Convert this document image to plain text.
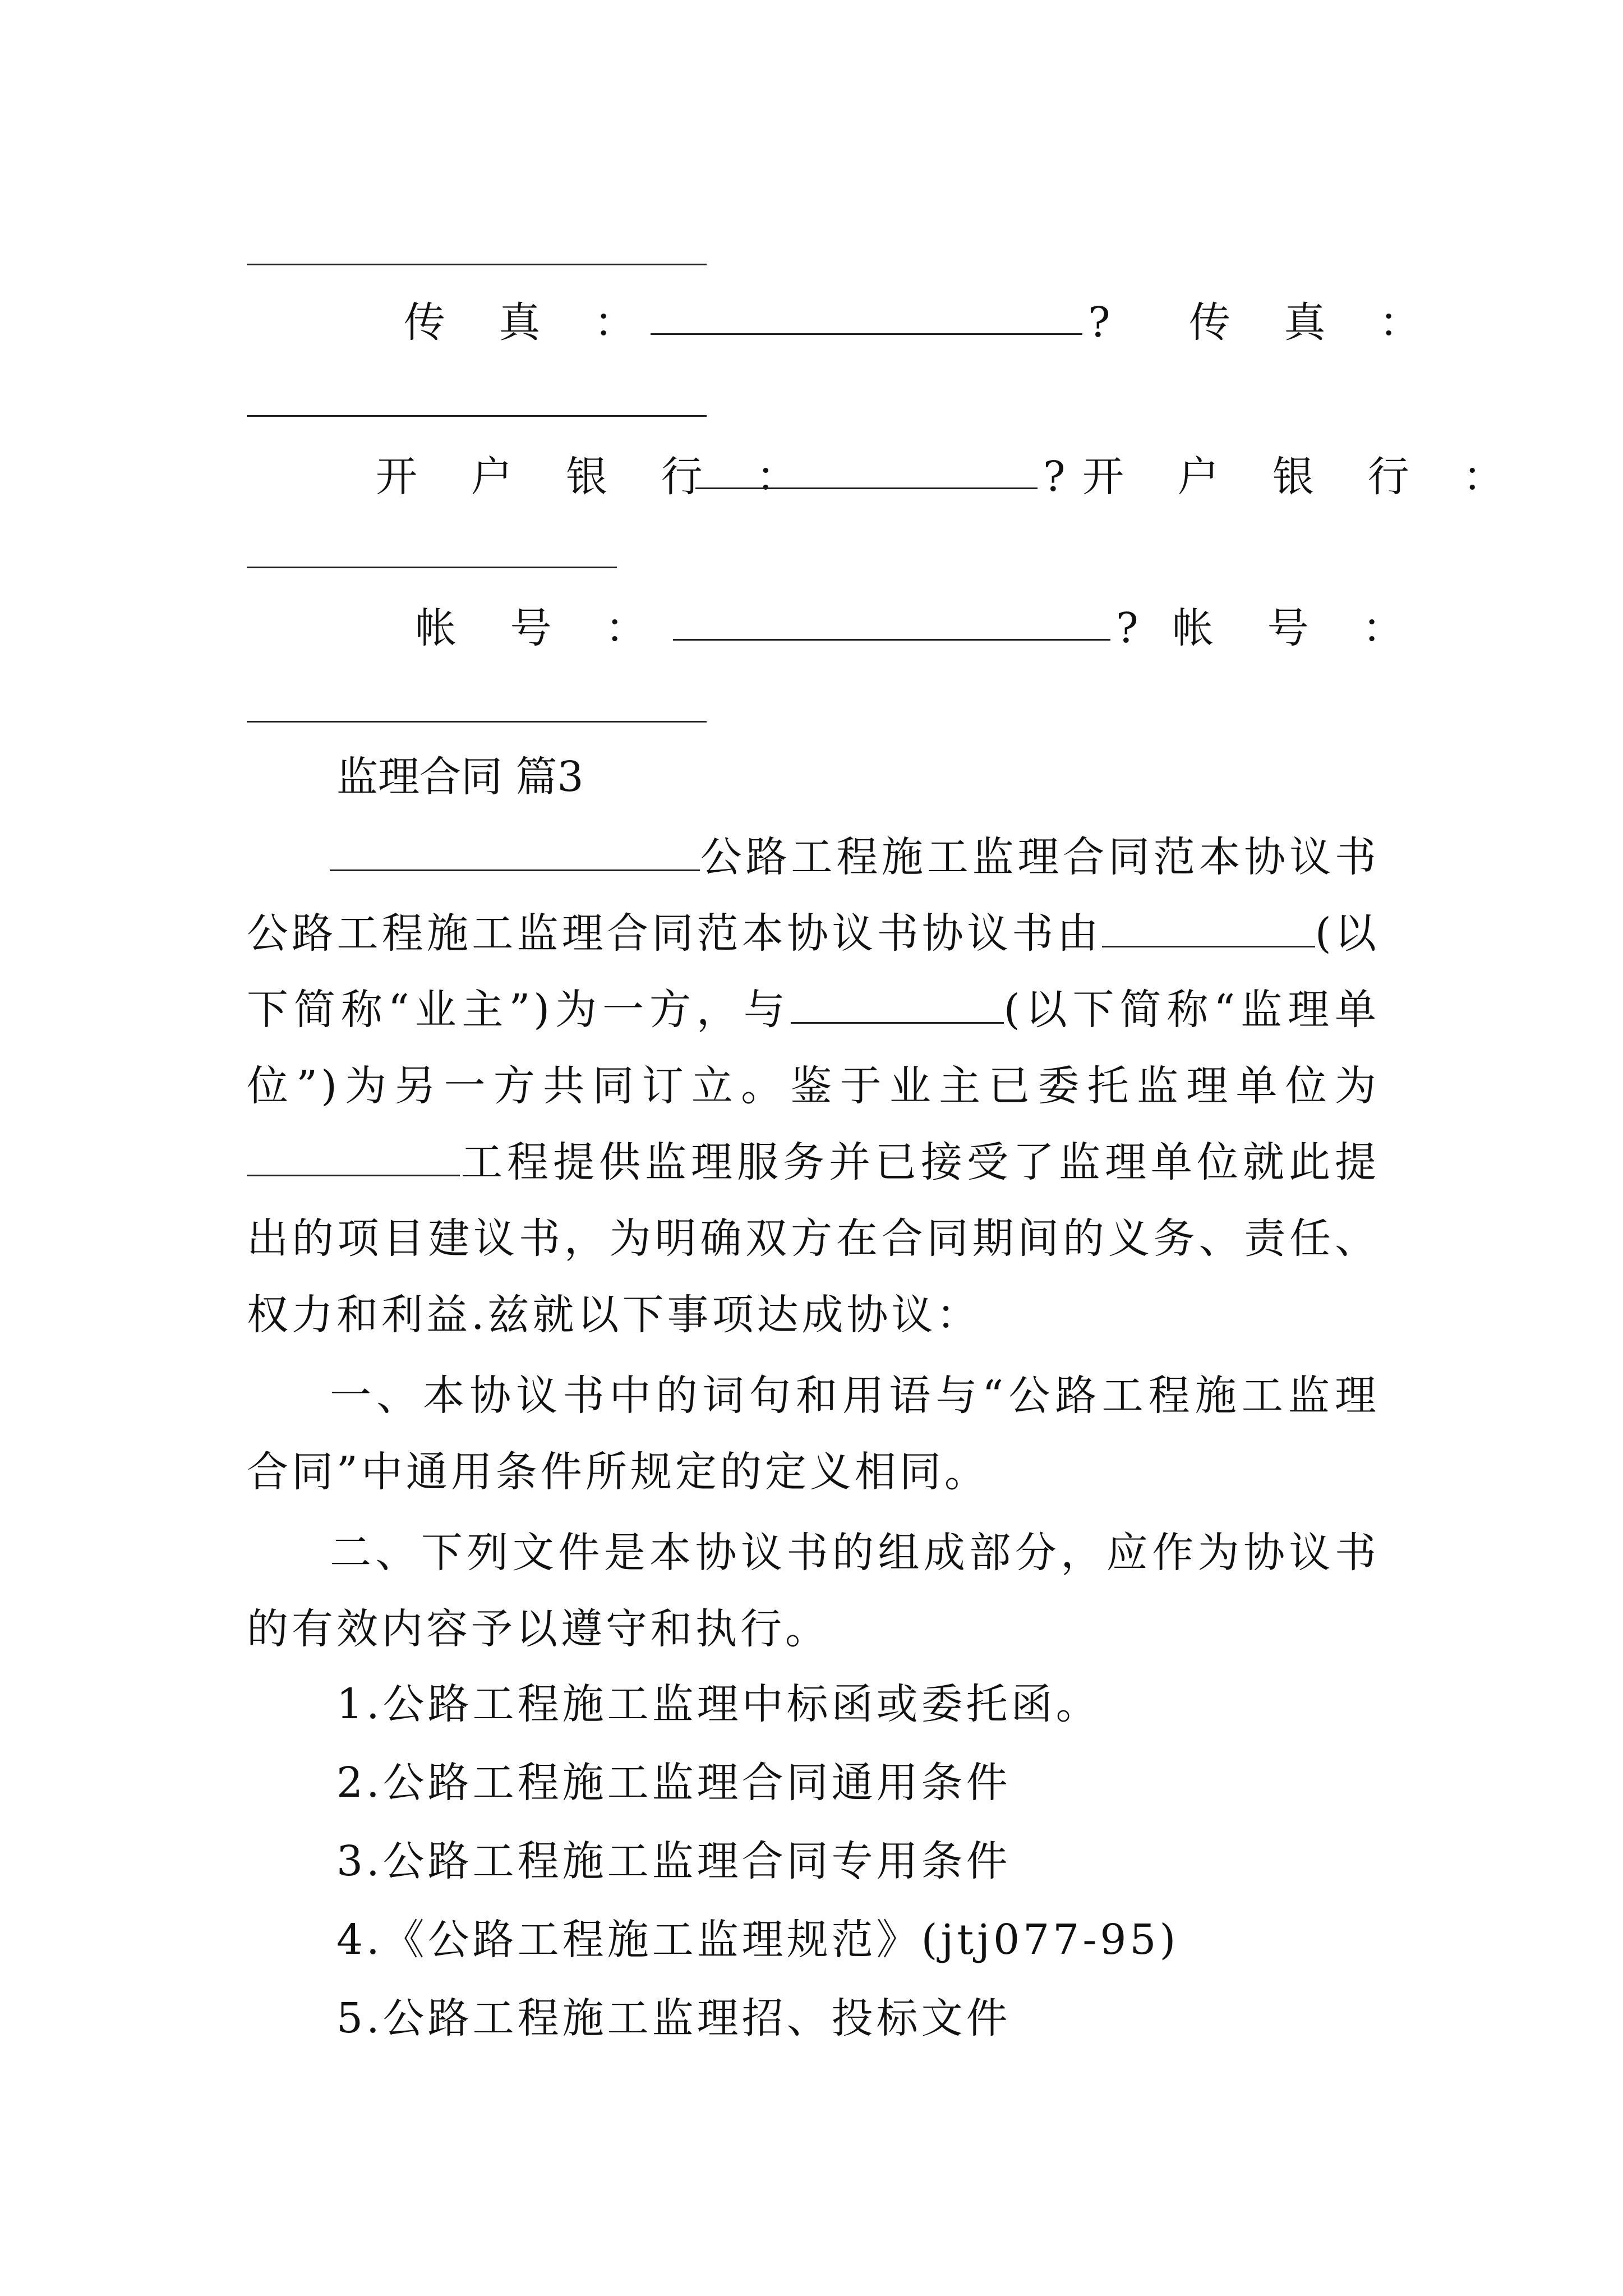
传 真 ：	? 传 真 ：
开 户 银 行 ：	? 开 户 银 行 ：
帐 号 ：	? 帐 号 ：
监理合同 篇3

公路工程施工监理合同范本协议书公路工程施工监理合同范本协议书协议书由	(以下简称“业主”)为一方，与	(以下简称“监理单位”)为另一方共同订立。鉴于业主已委托监理单位为工程提供监理服务并已接受了监理单位就此提出的项目建议书，为明确双方在合同期间的义务、责任、权力和利益.兹就以下事项达成协议：

一、本协议书中的词句和用语与“公路工程施工监理合同”中通用条件所规定的定义相同。

二、下列文件是本协议书的组成部分，应作为协议书的有效内容予以遵守和执行。

1.公路工程施工监理中标函或委托函。
2.公路工程施工监理合同通用条件
3.公路工程施工监理合同专用条件
4.《公路工程施工监理规范》(jtj077-95)
5.公路工程施工监理招、投标文件
